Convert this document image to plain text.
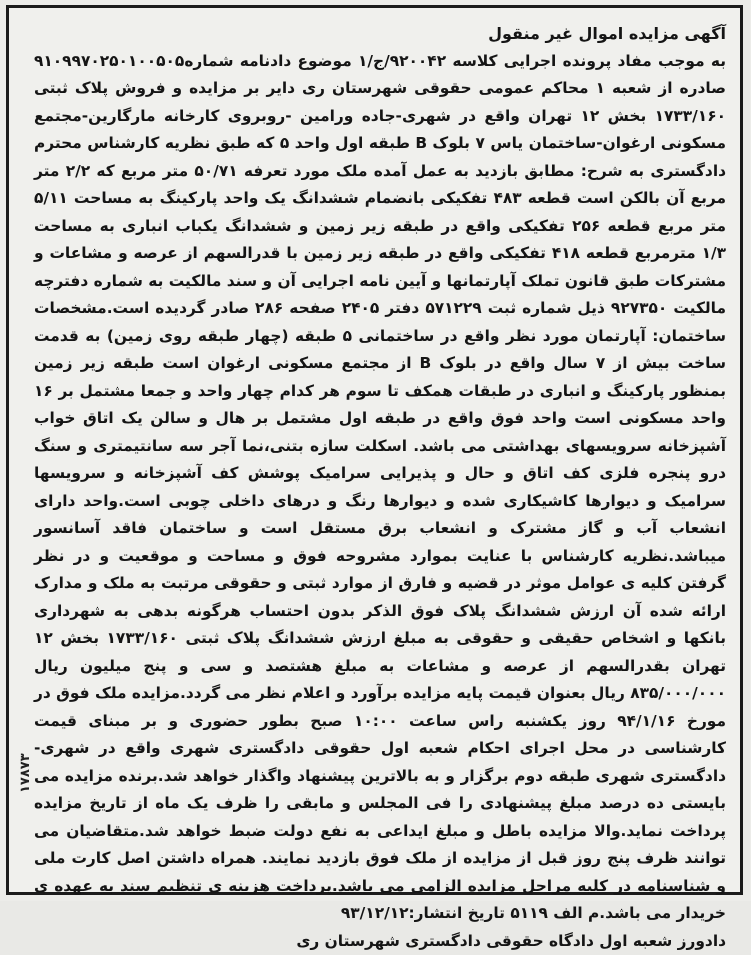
۱۷۸۷۳
آگهی مزایده اموال غیر منقول
به موجب مفاد پرونده اجرایی کلاسه ۹۲۰۰۴۲/ج/۱ موضوع دادنامه شماره۹۱۰۹۹۷۰۲۵۰۱۰۰۵۰۵ صادره از شعبه ۱ محاکم عمومی حقوقی شهرستان ری دایر بر مزایده و فروش پلاک ثبتی ۱۷۳۳/۱۶۰ بخش ۱۲ تهران واقع در شهری-جاده ورامین -روبروی کارخانه مارگارین-مجتمع مسکونی ارغوان-ساختمان یاس ۷ بلوک B طبقه اول واحد ۵ که طبق نظریه کارشناس محترم دادگستری به شرح: مطابق بازدید به عمل آمده ملک مورد تعرفه ۵۰/۷۱ متر مربع که ۲/۲ متر مربع آن بالکن است قطعه ۴۸۳ تفکیکی بانضمام ششدانگ یک واحد پارکینگ به مساحت ۵/۱۱ متر مربع قطعه ۲۵۶ تفکیکی واقع در طبقه زیر زمین و ششدانگ یکباب انباری به مساحت ۱/۳ مترمربع قطعه ۴۱۸ تفکیکی واقع در طبقه زیر زمین با قدرالسهم از عرصه و مشاعات و مشترکات طبق قانون تملک آپارتمانها و آیین نامه اجرایی آن و سند مالکیت به شماره دفترچه مالکیت ۹۲۷۳۵۰ ذیل شماره ثبت ۵۷۱۲۲۹ دفتر ۲۴۰۵ صفحه ۲۸۶ صادر گردیده است.مشخصات ساختمان: آپارتمان مورد نظر واقع در ساختمانی ۵ طبقه (چهار طبقه روی زمین) به قدمت ساخت بیش از ۷ سال واقع در بلوک B از مجتمع مسکونی ارغوان است طبقه زیر زمین بمنظور پارکینگ و انباری در طبقات همکف تا سوم هر کدام چهار واحد و جمعا مشتمل بر ۱۶ واحد مسکونی است واحد فوق واقع در طبقه اول مشتمل بر هال و سالن یک اتاق خواب آشپزخانه سرویسهای بهداشتی می باشد. اسکلت سازه بتنی،نما آجر سه سانتیمتری و سنگ درو پنجره فلزی کف اتاق و حال و پذیرایی سرامیک پوشش کف آشپزخانه و سرویسها سرامیک و دیوارها کاشیکاری شده و دیوارها رنگ و درهای داخلی چوبی است.واحد دارای انشعاب آب و گاز مشترک و انشعاب برق مستقل است و ساختمان فاقد آسانسور میباشد.نظریه کارشناس با عنایت بموارد مشروحه فوق و مساحت و موقعیت و در نظر گرفتن کلیه ی عوامل موثر در قضیه و فارق از موارد ثبتی و حقوقی مرتبت به ملک و مدارک ارائه شده آن ارزش ششدانگ پلاک فوق الذکر بدون احتساب هرگونه بدهی به شهرداری بانکها و اشخاص حقیقی و حقوقی به مبلغ ارزش ششدانگ پلاک ثبتی ۱۷۳۳/۱۶۰ بخش ۱۲ تهران بقدرالسهم از عرصه و مشاعات به مبلغ هشتصد و سی و پنج میلیون ریال ۸۳۵/۰۰۰/۰۰۰ ریال بعنوان قیمت پایه مزایده برآورد و اعلام نظر می گردد.مزایده ملک فوق در مورخ ۹۴/۱/۱۶ روز یکشنبه راس ساعت ۱۰:۰۰ صبح بطور حضوری و بر مبنای قیمت کارشناسی در محل اجرای احکام شعبه اول حقوقی دادگستری شهری واقع در شهری-دادگستری شهری طبقه دوم برگزار و به بالاترین پیشنهاد واگذار خواهد شد.برنده مزایده می بایستی ده درصد مبلغ پیشنهادی را فی المجلس و مابقی را ظرف یک ماه از تاریخ مزایده پرداخت نماید.والا مزایده باطل و مبلغ ایداعی به نفع دولت ضبط خواهد شد.متقاضیان می توانند ظرف پنج روز قبل از مزایده از ملک فوق بازدید نمایند. همراه داشتن اصل کارت ملی و شناسنامه در کلیه مراحل مزایده الزامی می باشد.پرداخت هزینه ی تنظیم سند به عهده ی خریدار می باشد.م الف ۵۱۱۹ تاریخ انتشار:۹۳/۱۲/۱۲
دادورز شعبه اول دادگاه حقوقی دادگستری شهرستان ری
